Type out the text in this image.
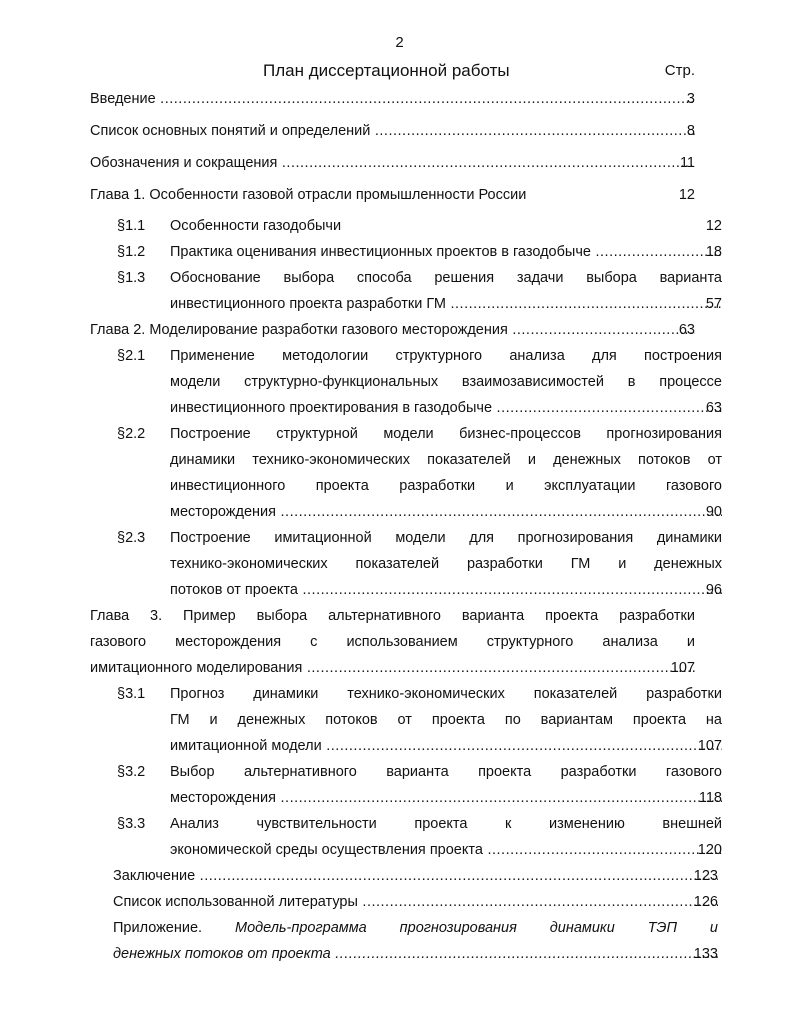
2
План диссертационной работы	Стр.
Введение .....	3
Список основных понятий и определений .....	8
Обозначения и сокращения .....	11
Глава 1. Особенности газовой отрасли промышленности России	12
§1.1 Особенности газодобычи	12
§1.2 Практика оценивания инвестиционных проектов в газодобыче .....	18
§1.3 Обоснование выбора способа решения задачи выбора варианта
инвестиционного проекта разработки ГМ .....	57
Глава 2. Моделирование разработки газового месторождения .....	63
§2.1 Применение методологии структурного анализа для построения
модели структурно-функциональных взаимозависимостей в процессе
инвестиционного проектирования в газодобыче .....	63
§2.2 Построение структурной модели бизнес-процессов прогнозирования
динамики технико-экономических показателей и денежных потоков от
инвестиционного проекта разработки и эксплуатации газового
месторождения .....	90
§2.3 Построение имитационной модели для прогнозирования динамики
технико-экономических показателей разработки ГМ и денежных
потоков от проекта .....	96
Глава 3. Пример выбора альтернативного варианта проекта разработки
газового месторождения с использованием структурного анализа и
имитационного моделирования .....	107
§3.1 Прогноз динамики технико-экономических показателей разработки
ГМ и денежных потоков от проекта по вариантам проекта на
имитационной модели .....	107
§3.2 Выбор альтернативного варианта проекта разработки газового
месторождения .....	118
§3.3 Анализ чувствительности проекта к изменению внешней
экономической среды осуществления проекта .....	120
Заключение .....	123
Список использованной литературы .....	126
Приложение. Модель-программа прогнозирования динамики ТЭП и
денежных потоков от проекта .....	133
